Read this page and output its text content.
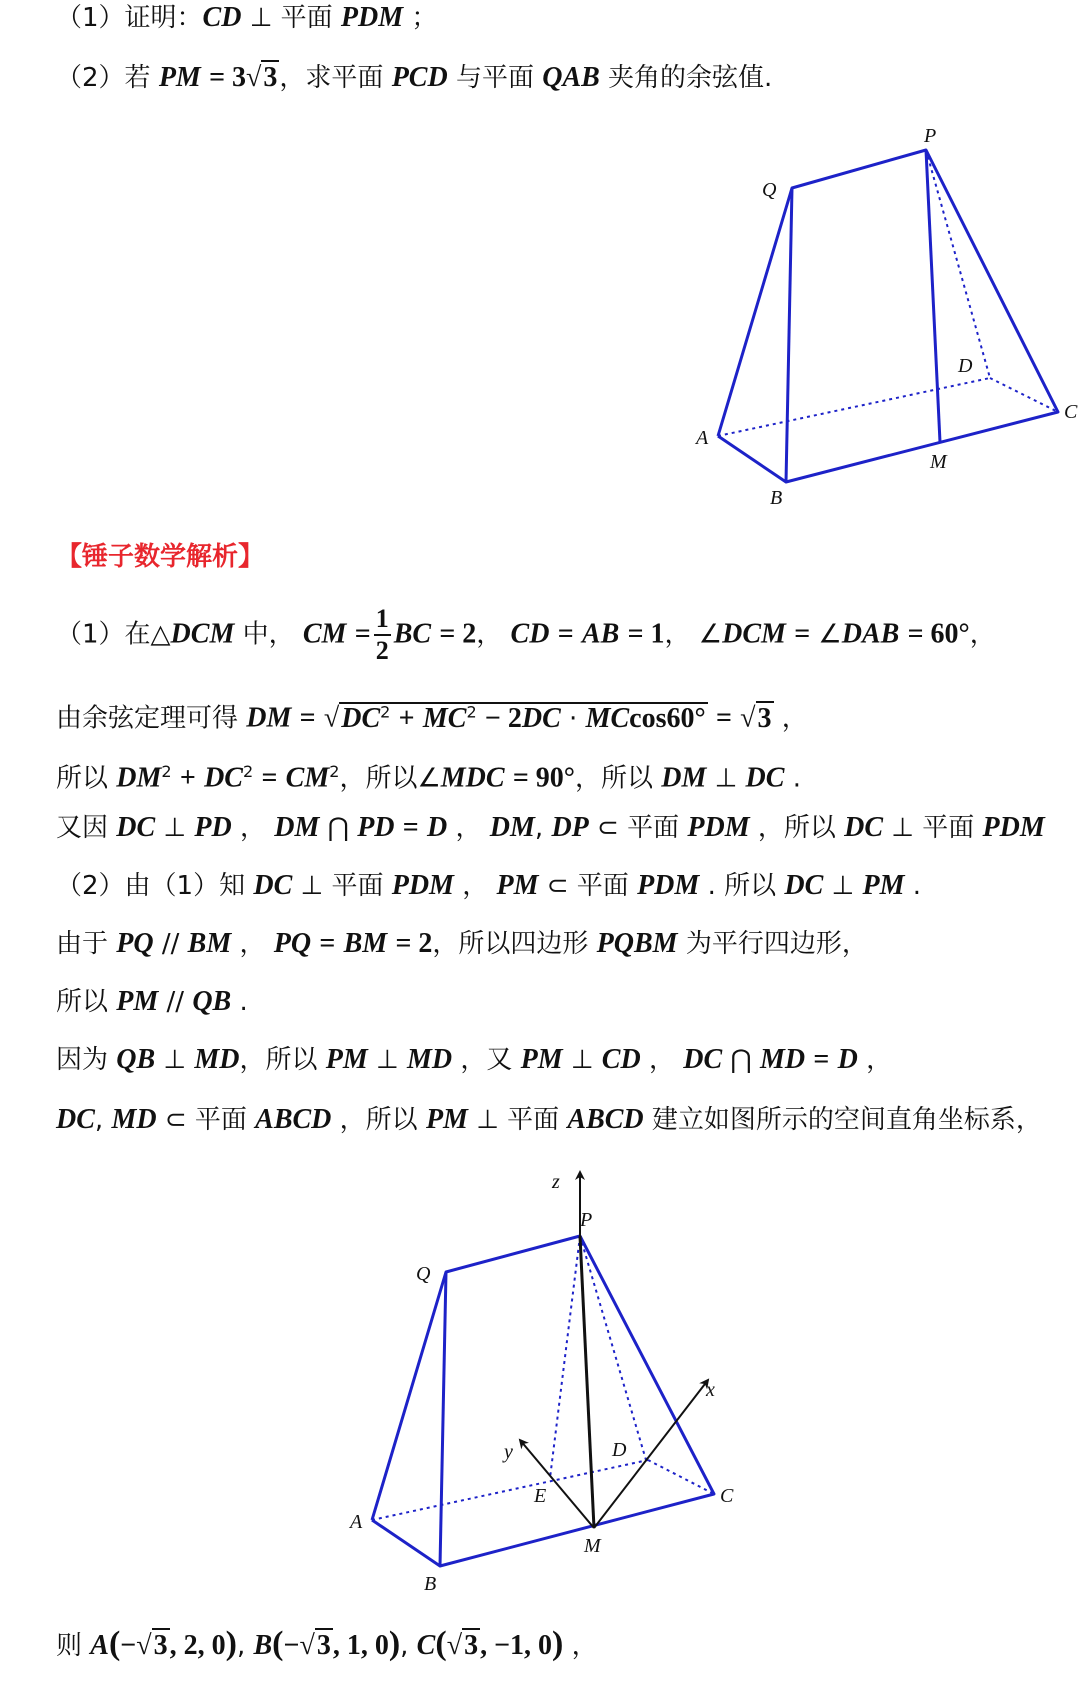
（1）证明：CD ⊥ 平面 PDM ；
（2）若 PM = 3√3，求平面 PCD 与平面 QAB 夹角的余弦值.
P
Q
D
C
A
M
B
【锤子数学解析】
（1）在△DCM 中， CM = $\frac{1}{2}$ BC = 2， CD = AB = 1， ∠DCM = ∠DAB = 60°，
由余弦定理可得 DM = $√DC^2 + MC^2 - 2DC \cdot MCcos60^\circ = √3$ ，
所以 $DM^2 + DC^2 = CM^2$，所以∠MDC = 90°，所以 DM ⊥ DC .
又因 DC ⊥ PD ， DM ⋂ PD = D ， DM, DP ⊂ 平面 PDM ，所以 DC ⊥ 平面 PDM
（2）由（1）知 DC ⊥ 平面 PDM ， PM ⊂ 平面 PDM . 所以 DC ⊥ PM .
由于 PQ // BM ， PQ = BM = 2，所以四边形 PQBM 为平行四边形，
所以 PM // QB .
因为 QB ⊥ MD，所以 PM ⊥ MD ，又 PM ⊥ CD ， DC ⋂ MD = D ，
DC, MD ⊂ 平面 ABCD ，所以 PM ⊥ 平面 ABCD 建立如图所示的空间直角坐标系，
z
P
Q
x
y	D
E	C
A
M
B
则 A(−√3, 2, 0), B(−√3, 1, 0), C(√3, −1, 0) ，
